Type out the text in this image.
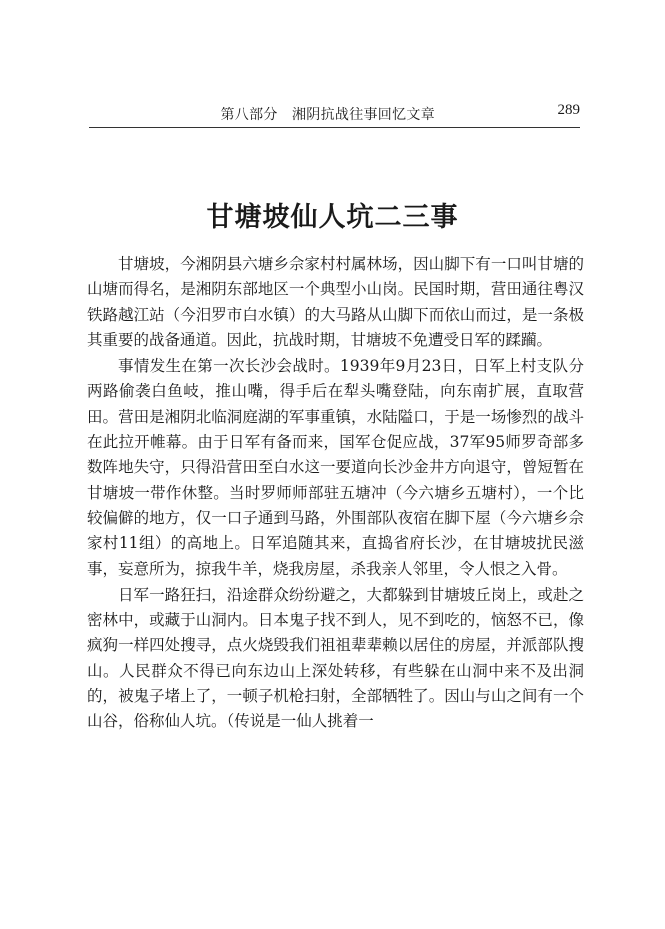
第八部分　湘阴抗战往事回忆文章	289
甘塘坡仙人坑二三事

甘塘坡，今湘阴县六塘乡佘家村村属林场，因山脚下有一口叫甘塘的山塘而得名，是湘阴东部地区一个典型小山岗。民国时期，营田通往粤汉铁路越江站（今汨罗市白水镇）的大马路从山脚下而依山而过，是一条极其重要的战备通道。因此，抗战时期，甘塘坡不免遭受日军的蹂躏。

事情发生在第一次长沙会战时。1939年9月23日，日军上村支队分两路偷袭白鱼岐，推山嘴，得手后在犁头嘴登陆，向东南扩展，直取营田。营田是湘阴北临洞庭湖的军事重镇，水陆隘口，于是一场惨烈的战斗在此拉开帷幕。由于日军有备而来，国军仓促应战，37军95师罗奇部多数阵地失守，只得沿营田至白水这一要道向长沙金井方向退守，曾短暂在甘塘坡一带作休整。当时罗师师部驻五塘冲（今六塘乡五塘村），一个比较偏僻的地方，仅一口子通到马路，外围部队夜宿在脚下屋（今六塘乡佘家村11组）的高地上。日军追随其来，直捣省府长沙，在甘塘坡扰民滋事，妄意所为，掠我牛羊，烧我房屋，杀我亲人邻里，令人恨之入骨。

日军一路狂扫，沿途群众纷纷避之，大都躲到甘塘坡丘岗上，或赴之密林中，或藏于山洞内。日本鬼子找不到人，见不到吃的，恼怒不已，像疯狗一样四处搜寻，点火烧毁我们祖祖辈辈赖以居住的房屋，并派部队搜山。人民群众不得已向东边山上深处转移，有些躲在山洞中来不及出洞的，被鬼子堵上了，一顿子机枪扫射，全部牺牲了。因山与山之间有一个山谷，俗称仙人坑。（传说是一仙人挑着一
